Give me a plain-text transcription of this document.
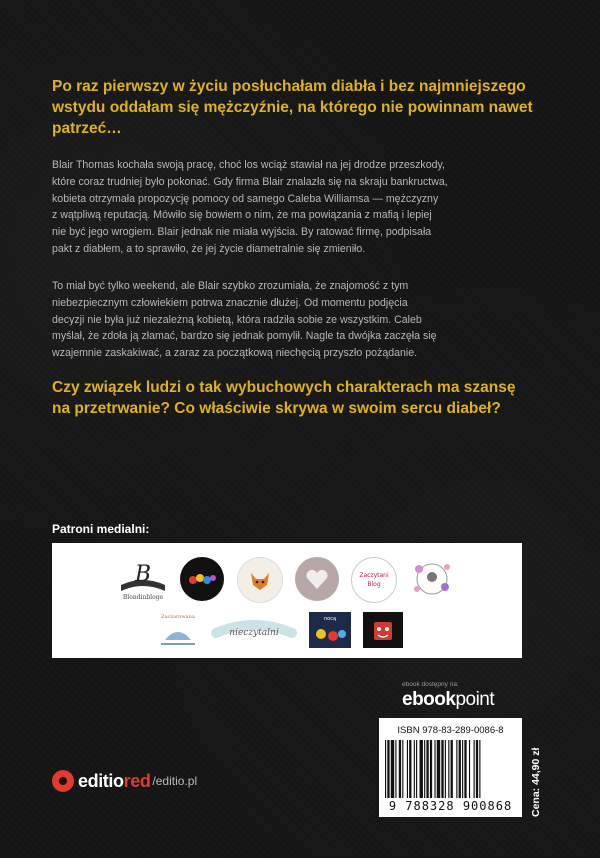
Po raz pierwszy w życiu posłuchałam diabła i bez najmniejszego
wstydu oddałam się mężczyźnie, na którego nie powinnam nawet
patrzeć…
Blair Thomas kochała swoją pracę, choć los wciąż stawiał na jej drodze przeszkody,
które coraz trudniej było pokonać. Gdy firma Blair znalazła się na skraju bankructwa,
kobieta otrzymała propozycję pomocy od samego Caleba Williamsa — mężczyzny
z wątpliwą reputacją. Mówiło się bowiem o nim, że ma powiązania z mafią i lepiej
nie być jego wrogiem. Blair jednak nie miała wyjścia. By ratować firmę, podpisała
pakt z diabłem, a to sprawiło, że jej życie diametralnie się zmieniło.
To miał być tylko weekend, ale Blair szybko zrozumiała, że znajomość z tym
niebezpiecznym człowiekiem potrwa znacznie dłużej. Od momentu podjęcia
decyzji nie była już niezależną kobietą, która radziła sobie ze wszystkim. Caleb
myślał, że zdoła ją złamać, bardzo się jednak pomylił. Nagle ta dwójka zaczęła się
wzajemnie zaskakiwać, a zaraz za początkową niechęcią przyszło pożądanie.
Czy związek ludzi o tak wybuchowych charakterach ma szansę
na przetrwanie? Co właściwie skrywa w swoim sercu diabeł?
Patroni medialni:
B
Blondinbloge
Zaczytani
Blog
Zaczarowana
nieczytalni
nocą
ebook dostępny na:
ebookpoint
ISBN 978-83-289-0086-8
9 788328 900868	Cena: 44,90 zł
editiored /editio.pl
